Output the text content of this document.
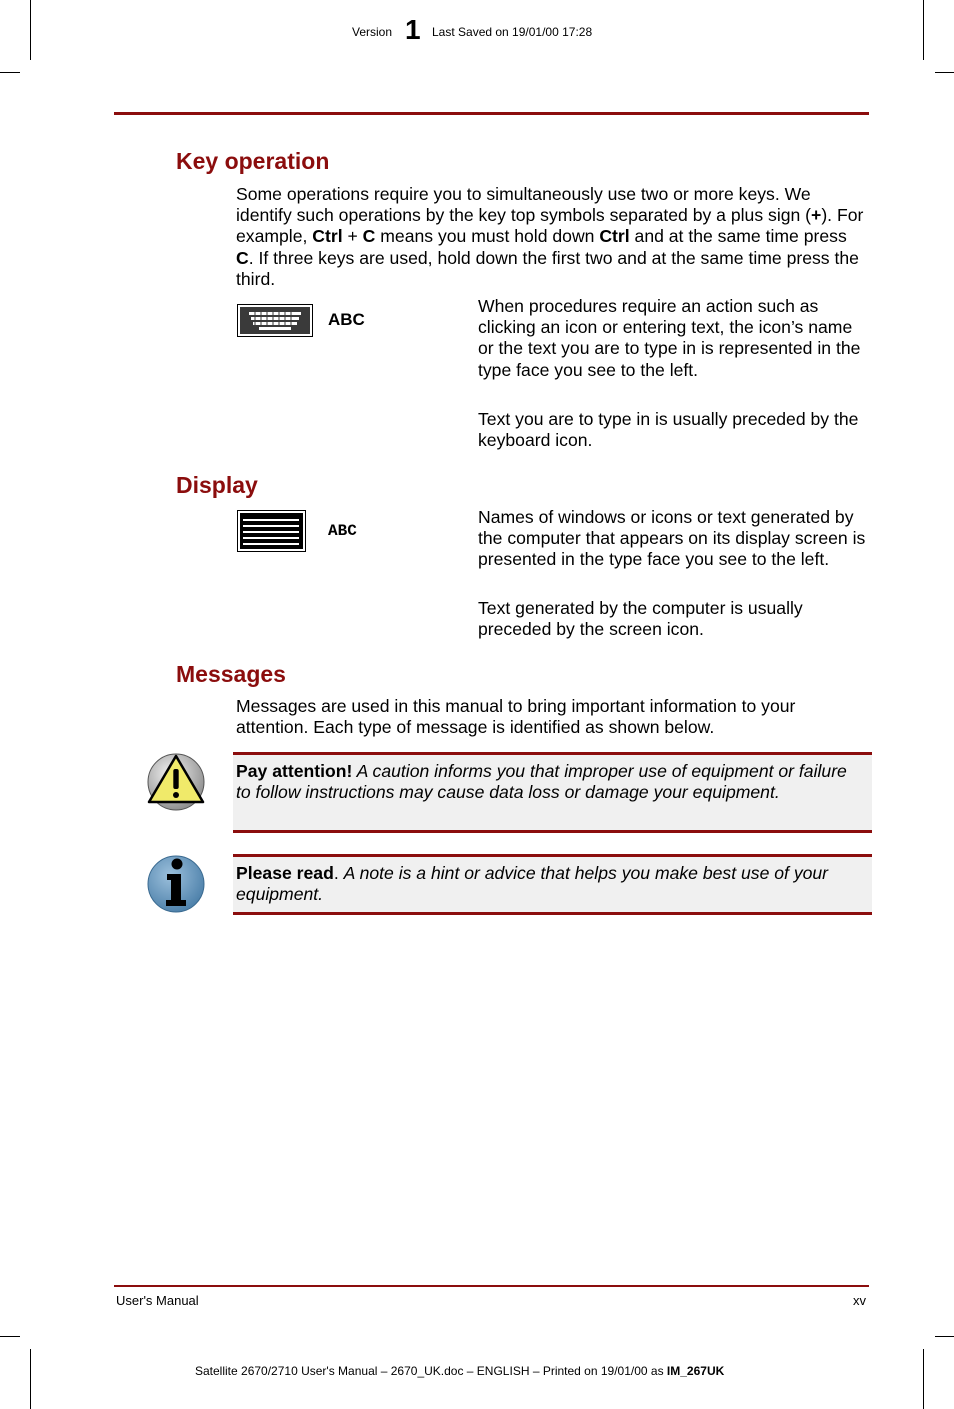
Version 1 Last Saved on 19/01/00 17:28
Key operation
Some operations require you to simultaneously use two or more keys. We identify such operations by the key top symbols separated by a plus sign (+). For example, Ctrl + C means you must hold down Ctrl and at the same time press C. If three keys are used, hold down the first two and at the same time press the third.
ABC
When procedures require an action such as clicking an icon or entering text, the icon’s name or the text you are to type in is represented in the type face you see to the left.
Text you are to type in is usually preceded by the keyboard icon.
Display
ABC
Names of windows or icons or text generated by the computer that appears on its display screen is presented in the type face you see to the left.
Text generated by the computer is usually preceded by the screen icon.
Messages
Messages are used in this manual to bring important information to your attention. Each type of message is identified as shown below.
Pay attention! A caution informs you that improper use of equipment or failure to follow instructions may cause data loss or damage your equipment.
Please read. A note is a hint or advice that helps you make best use of your equipment.
User's Manual	xv
Satellite 2670/2710 User's Manual – 2670_UK.doc – ENGLISH – Printed on 19/01/00 as IM_267UK
